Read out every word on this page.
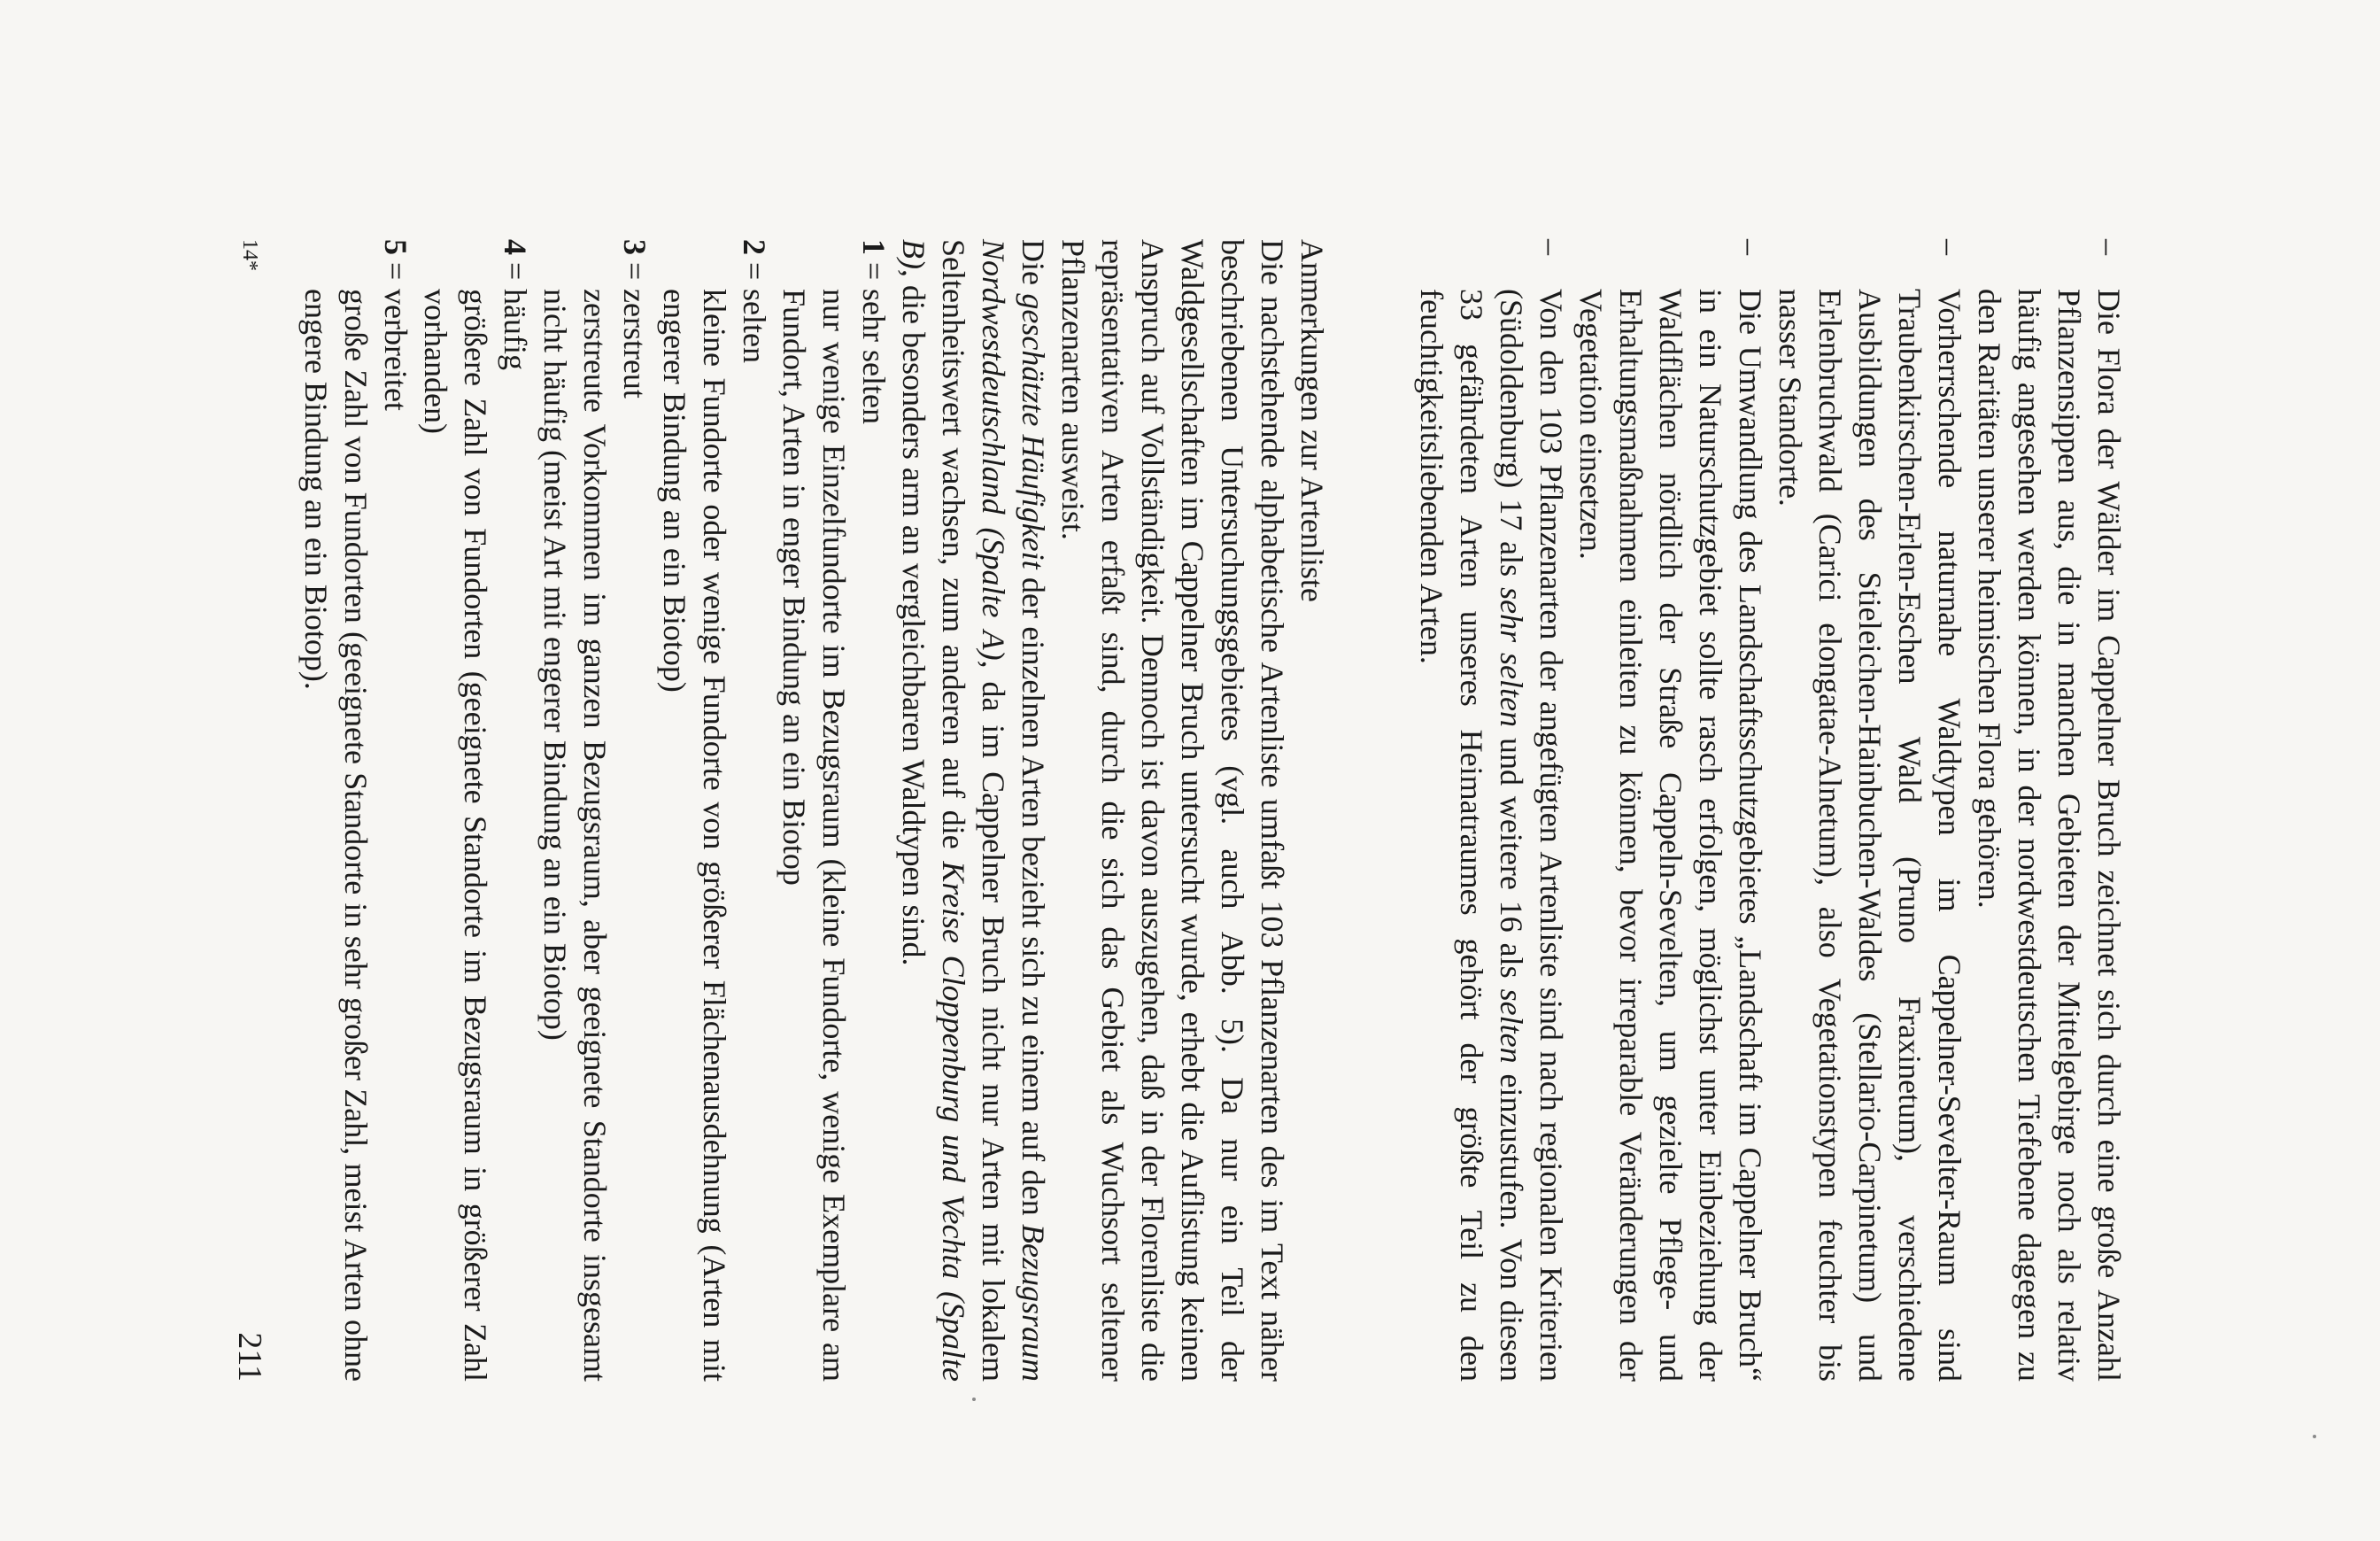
–
Die Flora der Wälder im Cappelner Bruch zeichnet sich durch eine große Anzahl Pflanzensippen aus, die in manchen Gebieten der Mittelgebirge noch als relativ häufig angesehen werden können, in der nordwestdeutschen Tiefebene dagegen zu den Raritäten unserer heimischen Flora gehören.
–
Vorherrschende naturnahe Waldtypen im Cappelner-Sevelter-Raum sind Traubenkirschen-Erlen-Eschen Wald (Pruno Fraxinetum), verschiedene Ausbildungen des Stieleichen-Hainbuchen-Waldes (Stellario-Carpinetum) und Erlenbruchwald (Carici elongatae-Alnetum), also Vegetationstypen feuchter bis nasser Standorte.
–
Die Umwandlung des Landschaftsschutzgebietes „Landschaft im Cappelner Bruch“ in ein Naturschutzgebiet sollte rasch erfolgen, möglichst unter Einbeziehung der Waldflächen nördlich der Straße Cappeln-Sevelten, um gezielte Pflege- und Erhaltungsmaßnahmen einleiten zu können, bevor irreparable Veränderungen der Vegetation einsetzen.
–
Von den 103 Pflanzenarten der angefügten Artenliste sind nach regionalen Kriterien (Südoldenburg) 17 als sehr selten und weitere 16 als selten einzustufen. Von diesen 33 gefährdeten Arten unseres Heimatraumes gehört der größte Teil zu den feuchtigkeitsliebenden Arten.

Anmerkungen zur Artenliste

Die nachstehende alphabetische Artenliste umfaßt 103 Pflanzenarten des im Text näher beschriebenen Untersuchungsgebietes (vgl. auch Abb. 5). Da nur ein Teil der Waldgesellschaften im Cappelner Bruch untersucht wurde, erhebt die Auflistung keinen Anspruch auf Vollständigkeit. Dennoch ist davon auszugehen, daß in der Florenliste die repräsentativen Arten erfaßt sind, durch die sich das Gebiet als Wuchsort seltener Pflanzenarten ausweist.

Die geschätzte Häufigkeit der einzelnen Arten bezieht sich zu einem auf den Bezugsraum Nordwestdeutschland (Spalte A), da im Cappelner Bruch nicht nur Arten mit lokalem Seltenheitswert wachsen, zum anderen auf die Kreise Cloppenburg und Vechta (Spalte B), die besonders arm an vergleichbaren Waldtypen sind.

1
=
sehr selten

nur wenige Einzelfundorte im Bezugsraum (kleine Fundorte, wenige Exemplare am Fundort, Arten in enger Bindung an ein Biotop

2
=
selten

kleine Fundorte oder wenige Fundorte von größerer Flächenausdehnung (Arten mit engerer Bindung an ein Biotop)

3
=
zerstreut

zerstreute Vorkommen im ganzen Bezugsraum, aber geeignete Standorte insgesamt nicht häufig (meist Art mit engerer Bindung an ein Biotop)

4
=
häufig

größere Zahl von Fundorten (geeignete Standorte im Bezugsraum in größerer Zahl vorhanden)

5
=
verbreitet

große Zahl von Fundorten (geeignete Standorte in sehr großer Zahl, meist Arten ohne engere Bindung an ein Biotop).

14*
211
